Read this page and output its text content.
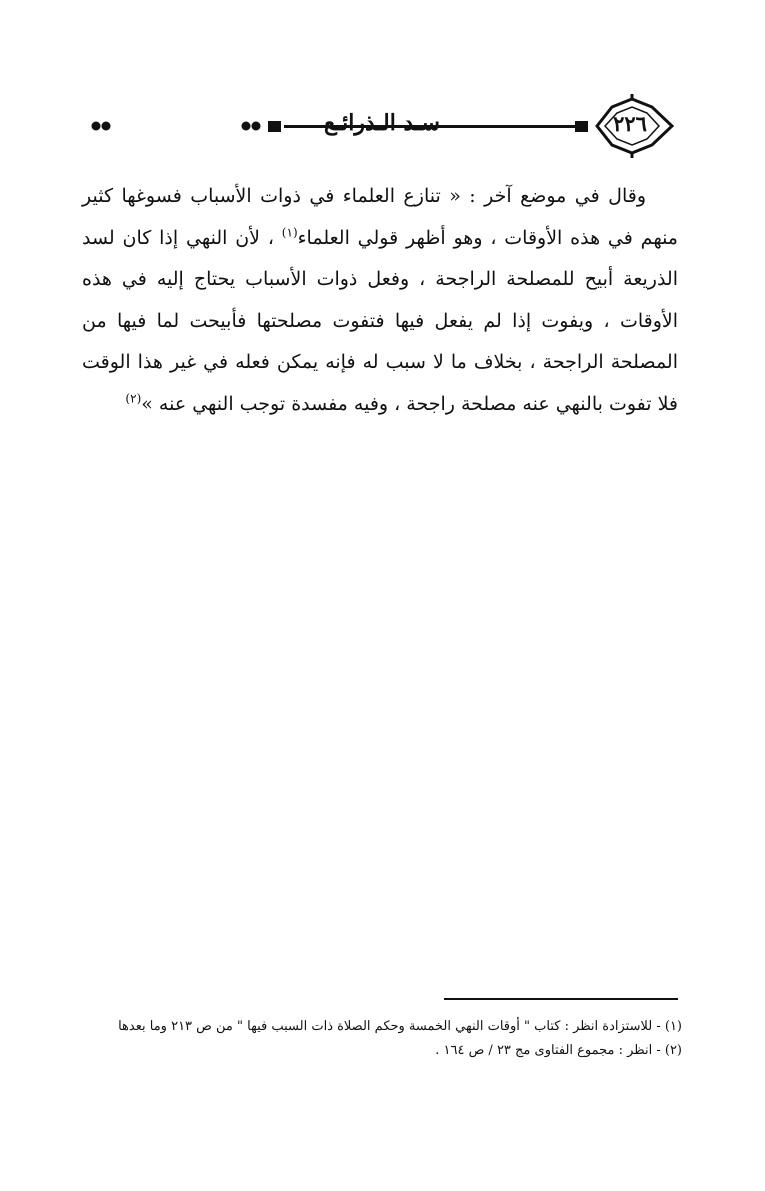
٢٢٦
سـد الـذرائـع

وقال في موضع آخر : « تنازع العلماء في ذوات الأسباب فسوغها كثير منهم في هذه الأوقات ، وهو أظهر قولي العلماء$^{(١)}$ ، لأن النهي إذا كان لسد الذريعة أبيح للمصلحة الراجحة ، وفعل ذوات الأسباب يحتاج إليه في هذه الأوقات ، ويفوت إذا لم يفعل فيها فتفوت مصلحتها فأبيحت لما فيها من المصلحة الراجحة ، بخلاف ما لا سبب له فإنه يمكن فعله في غير هذا الوقت فلا تفوت بالنهي عنه مصلحة راجحة ، وفيه مفسدة توجب النهي عنه »$^{(٢)}$

(١) - للاستزادة انظر : كتاب " أوقات النهي الخمسة وحكم الصلاة ذات السبب فيها " من ص ٢١٣ وما بعدها
(٢) - انظر : مجموع الفتاوى مج ٢٣ / ص ١٦٤ .
